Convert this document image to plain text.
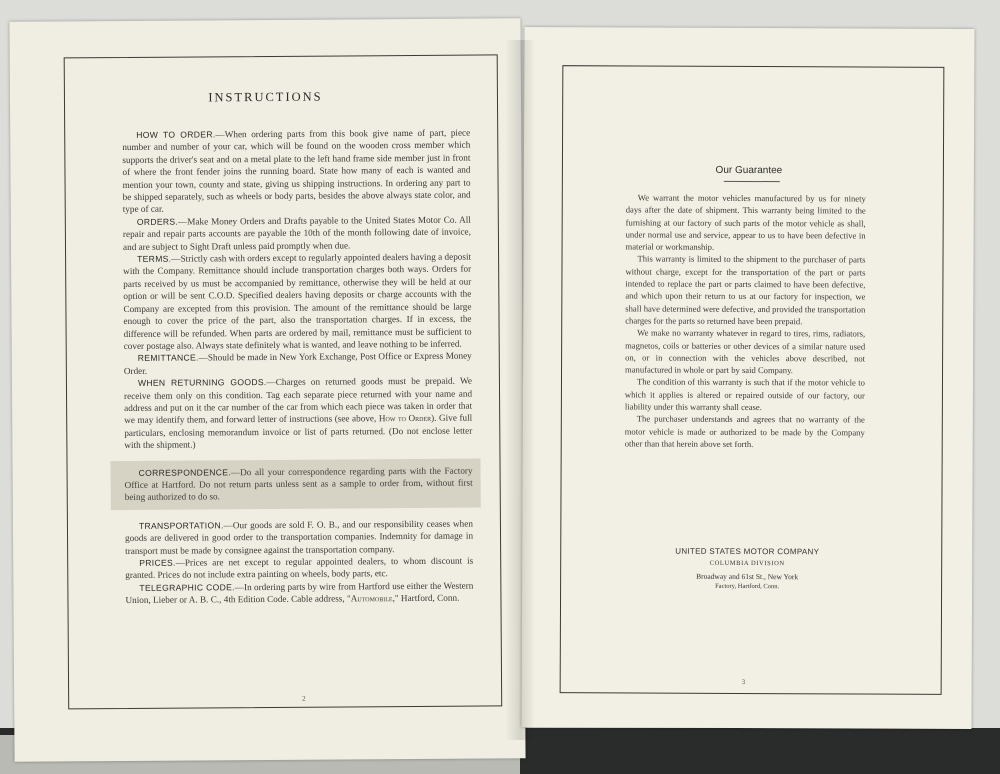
INSTRUCTIONS

HOW TO ORDER.—When ordering parts from this book give name of part, piece number and number of your car, which will be found on the wooden cross member which supports the driver's seat and on a metal plate to the left hand frame side member just in front of where the front fender joins the running board. State how many of each is wanted and mention your town, county and state, giving us shipping instructions. In ordering any part to be shipped separately, such as wheels or body parts, besides the above always state color, and type of car.

ORDERS.—Make Money Orders and Drafts payable to the United States Motor Co. All repair and repair parts accounts are payable the 10th of the month following date of invoice, and are subject to Sight Draft unless paid promptly when due.

TERMS.—Strictly cash with orders except to regularly appointed dealers having a deposit with the Company. Remittance should include transportation charges both ways. Orders for parts received by us must be accompanied by remittance, otherwise they will be held at our option or will be sent C.O.D. Specified dealers having deposits or charge accounts with the Company are excepted from this provision. The amount of the remittance should be large enough to cover the price of the part, also the transportation charges. If in excess, the difference will be refunded. When parts are ordered by mail, remittance must be sufficient to cover postage also. Always state definitely what is wanted, and leave nothing to be inferred.

REMITTANCE.—Should be made in New York Exchange, Post Office or Express Money Order.

WHEN RETURNING GOODS.—Charges on returned goods must be prepaid. We receive them only on this condition. Tag each separate piece returned with your name and address and put on it the car number of the car from which each piece was taken in order that we may identify them, and forward letter of instructions (see above, How to Order). Give full particulars, enclosing memorandum invoice or list of parts returned. (Do not enclose letter with the shipment.)

CORRESPONDENCE.—Do all your correspondence regarding parts with the Factory Office at Hartford. Do not return parts unless sent as a sample to order from, without first being authorized to do so.

TRANSPORTATION.—Our goods are sold F. O. B., and our responsibility ceases when goods are delivered in good order to the transportation companies. Indemnity for damage in transport must be made by consignee against the transportation company.

PRICES.—Prices are net except to regular appointed dealers, to whom discount is granted. Prices do not include extra painting on wheels, body parts, etc.

TELEGRAPHIC CODE.—In ordering parts by wire from Hartford use either the Western Union, Lieber or A. B. C., 4th Edition Code. Cable address, "Automobile," Hartford, Conn.

2
Our Guarantee

We warrant the motor vehicles manufactured by us for ninety days after the date of shipment. This warranty being limited to the furnishing at our factory of such parts of the motor vehicle as shall, under normal use and service, appear to us to have been defective in material or workmanship.

This warranty is limited to the shipment to the purchaser of parts without charge, except for the transportation of the part or parts intended to replace the part or parts claimed to have been defective, and which upon their return to us at our factory for inspection, we shall have determined were defective, and provided the transportation charges for the parts so returned have been prepaid.

We make no warranty whatever in regard to tires, rims, radiators, magnetos, coils or batteries or other devices of a similar nature used on, or in connection with the vehicles above described, not manufactured in whole or part by said Company.

The condition of this warranty is such that if the motor vehicle to which it applies is altered or repaired outside of our factory, our liability under this warranty shall cease.

The purchaser understands and agrees that no warranty of the motor vehicle is made or authorized to be made by the Company other than that herein above set forth.

UNITED STATES MOTOR COMPANY
COLUMBIA DIVISION
Broadway and 61st St., New York
Factory, Hartford, Conn.
3
